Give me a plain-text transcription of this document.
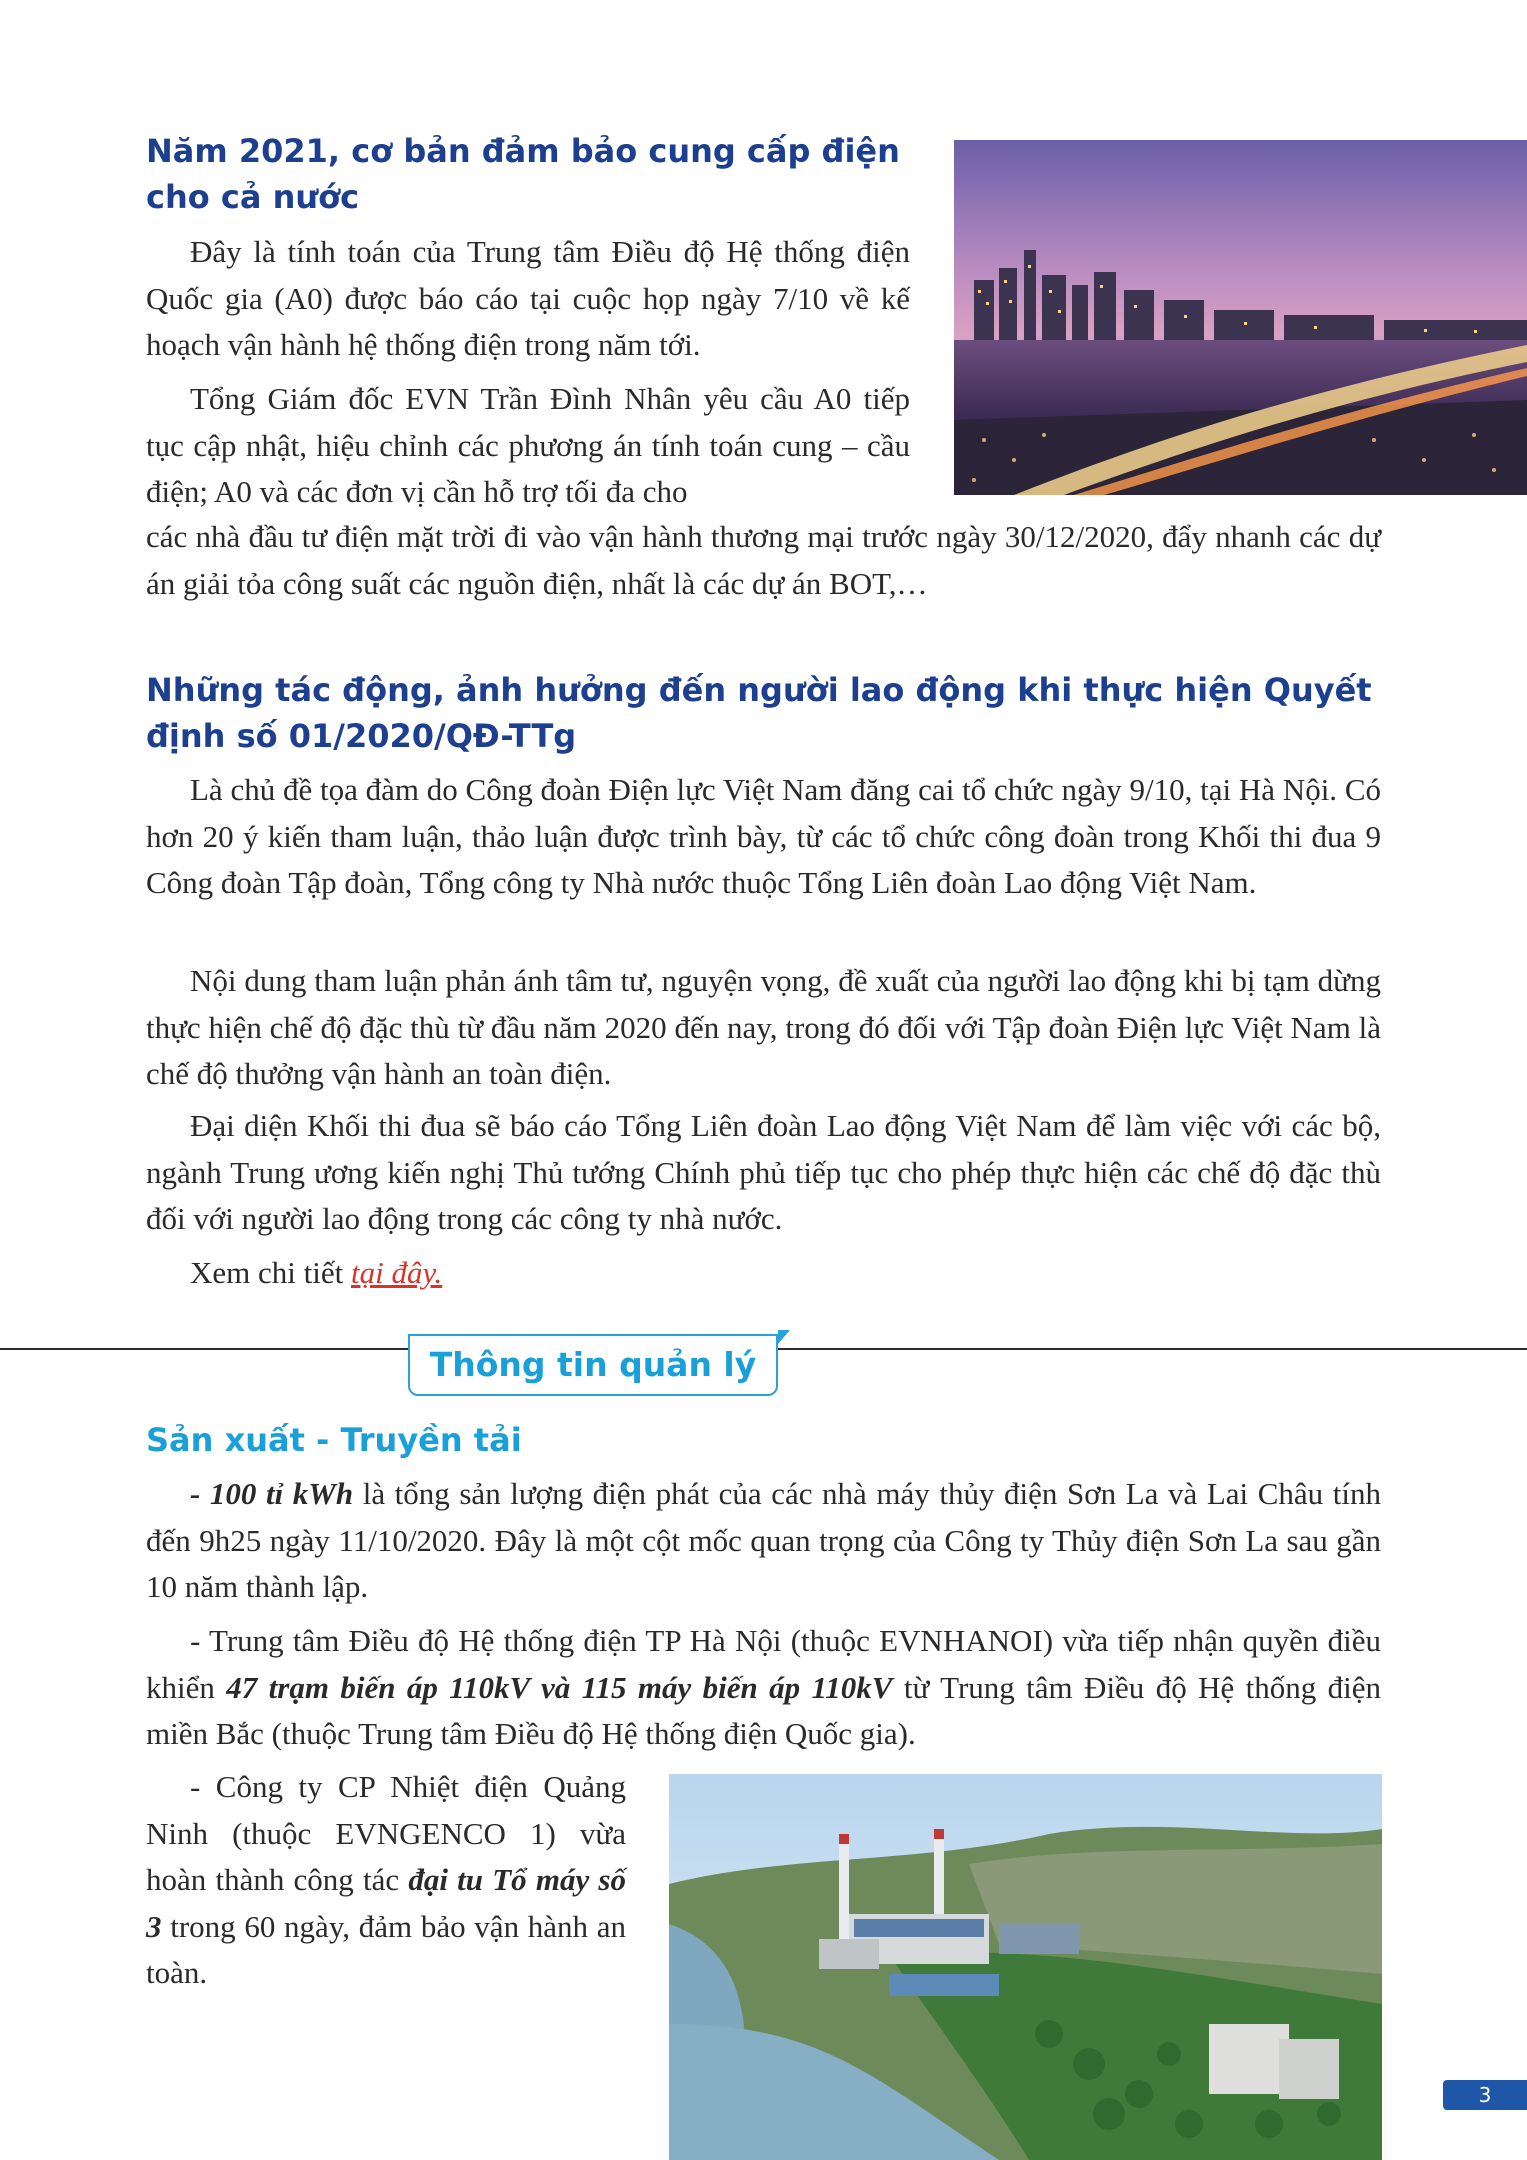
Năm 2021, cơ bản đảm bảo cung cấp điện cho cả nước

Đây là tính toán của Trung tâm Điều độ Hệ thống điện Quốc gia (A0) được báo cáo tại cuộc họp ngày 7/10 về kế hoạch vận hành hệ thống điện trong năm tới.

Tổng Giám đốc EVN Trần Đình Nhân yêu cầu A0 tiếp tục cập nhật, hiệu chỉnh các phương án tính toán cung – cầu điện; A0 và các đơn vị cần hỗ trợ tối đa cho

các nhà đầu tư điện mặt trời đi vào vận hành thương mại trước ngày 30/12/2020, đẩy nhanh các dự án giải tỏa công suất các nguồn điện, nhất là các dự án BOT,…

Những tác động, ảnh hưởng đến người lao động khi thực hiện Quyết định số 01/2020/QĐ-TTg

Là chủ đề tọa đàm do Công đoàn Điện lực Việt Nam đăng cai tổ chức ngày 9/10, tại Hà Nội. Có hơn 20 ý kiến tham luận, thảo luận được trình bày, từ các tổ chức công đoàn trong Khối thi đua 9 Công đoàn Tập đoàn, Tổng công ty Nhà nước thuộc Tổng Liên đoàn Lao động Việt Nam.

Nội dung tham luận phản ánh tâm tư, nguyện vọng, đề xuất của người lao động khi bị tạm dừng thực hiện chế độ đặc thù từ đầu năm 2020 đến nay, trong đó đối với Tập đoàn Điện lực Việt Nam là chế độ thưởng vận hành an toàn điện.

Đại diện Khối thi đua sẽ báo cáo Tổng Liên đoàn Lao động Việt Nam để làm việc với các bộ, ngành Trung ương kiến nghị Thủ tướng Chính phủ tiếp tục cho phép thực hiện các chế độ đặc thù đối với người lao động trong các công ty nhà nước.

Xem chi tiết tại đây.

Thông tin quản lý
Sản xuất - Truyền tải

- 100 tỉ kWh là tổng sản lượng điện phát của các nhà máy thủy điện Sơn La và Lai Châu tính đến 9h25 ngày 11/10/2020. Đây là một cột mốc quan trọng của Công ty Thủy điện Sơn La sau gần 10 năm thành lập.

- Trung tâm Điều độ Hệ thống điện TP Hà Nội (thuộc EVNHANOI) vừa tiếp nhận quyền điều khiển 47 trạm biến áp 110kV và 115 máy biến áp 110kV từ Trung tâm Điều độ Hệ thống điện miền Bắc (thuộc Trung tâm Điều độ Hệ thống điện Quốc gia).

- Công ty CP Nhiệt điện Quảng Ninh (thuộc EVNGENCO 1) vừa hoàn thành công tác đại tu Tổ máy số 3 trong 60 ngày, đảm bảo vận hành an toàn.

3
